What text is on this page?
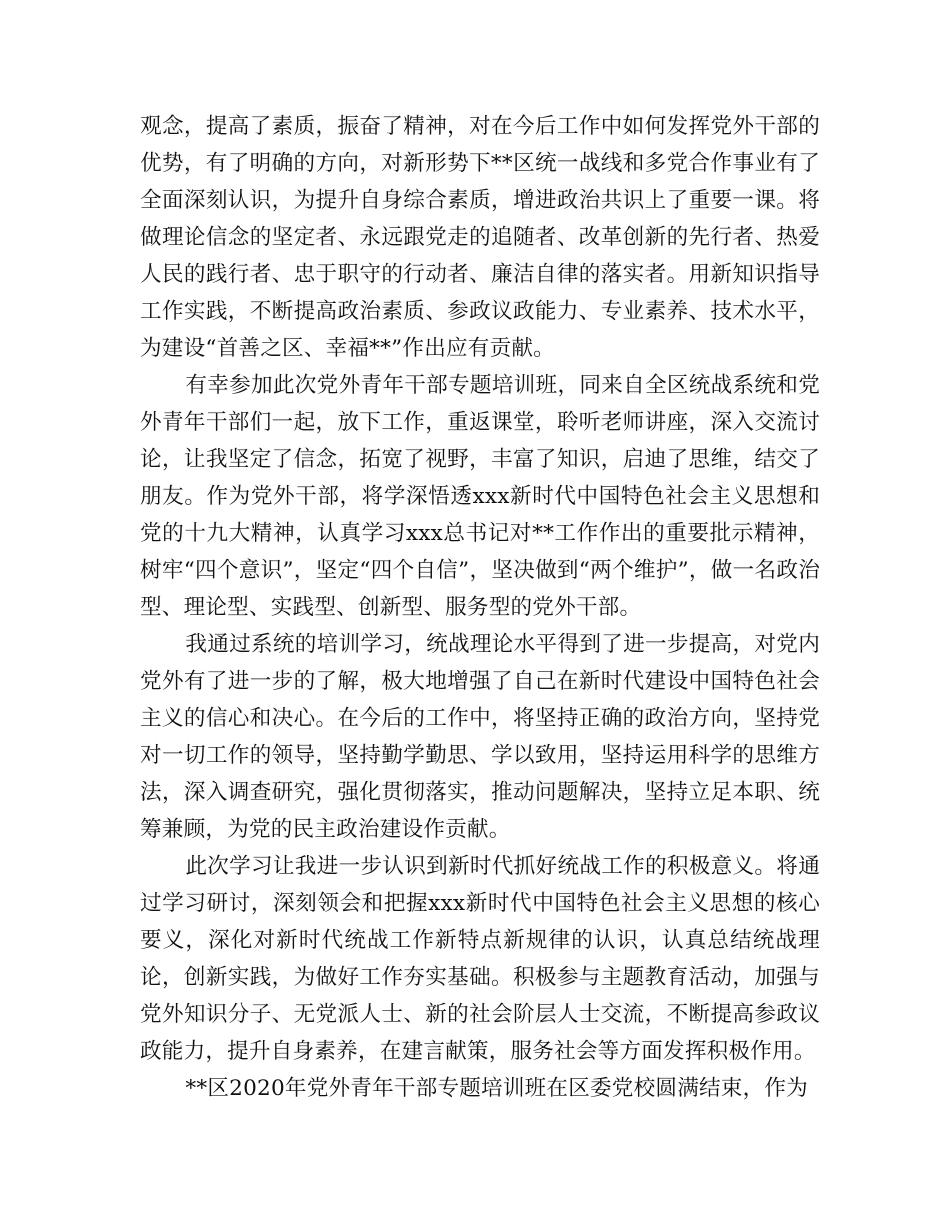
观念，提高了素质，振奋了精神，对在今后工作中如何发挥党外干部的优势，有了明确的方向，对新形势下**区统一战线和多党合作事业有了全面深刻认识，为提升自身综合素质，增进政治共识上了重要一课。将做理论信念的坚定者、永远跟党走的追随者、改革创新的先行者、热爱人民的践行者、忠于职守的行动者、廉洁自律的落实者。用新知识指导工作实践，不断提高政治素质、参政议政能力、专业素养、技术水平，为建设“首善之区、幸福**”作出应有贡献。

有幸参加此次党外青年干部专题培训班，同来自全区统战系统和党外青年干部们一起，放下工作，重返课堂，聆听老师讲座，深入交流讨论，让我坚定了信念，拓宽了视野，丰富了知识，启迪了思维，结交了朋友。作为党外干部，将学深悟透xxx新时代中国特色社会主义思想和党的十九大精神，认真学习xxx总书记对**工作作出的重要批示精神，树牢“四个意识”，坚定“四个自信”，坚决做到“两个维护”，做一名政治型、理论型、实践型、创新型、服务型的党外干部。

我通过系统的培训学习，统战理论水平得到了进一步提高，对党内党外有了进一步的了解，极大地增强了自己在新时代建设中国特色社会主义的信心和决心。在今后的工作中，将坚持正确的政治方向，坚持党对一切工作的领导，坚持勤学勤思、学以致用，坚持运用科学的思维方法，深入调查研究，强化贯彻落实，推动问题解决，坚持立足本职、统筹兼顾，为党的民主政治建设作贡献。

此次学习让我进一步认识到新时代抓好统战工作的积极意义。将通过学习研讨，深刻领会和把握xxx新时代中国特色社会主义思想的核心要义，深化对新时代统战工作新特点新规律的认识，认真总结统战理论，创新实践，为做好工作夯实基础。积极参与主题教育活动，加强与党外知识分子、无党派人士、新的社会阶层人士交流，不断提高参政议政能力，提升自身素养，在建言献策，服务社会等方面发挥积极作用。

**区2020年党外青年干部专题培训班在区委党校圆满结束，作为
